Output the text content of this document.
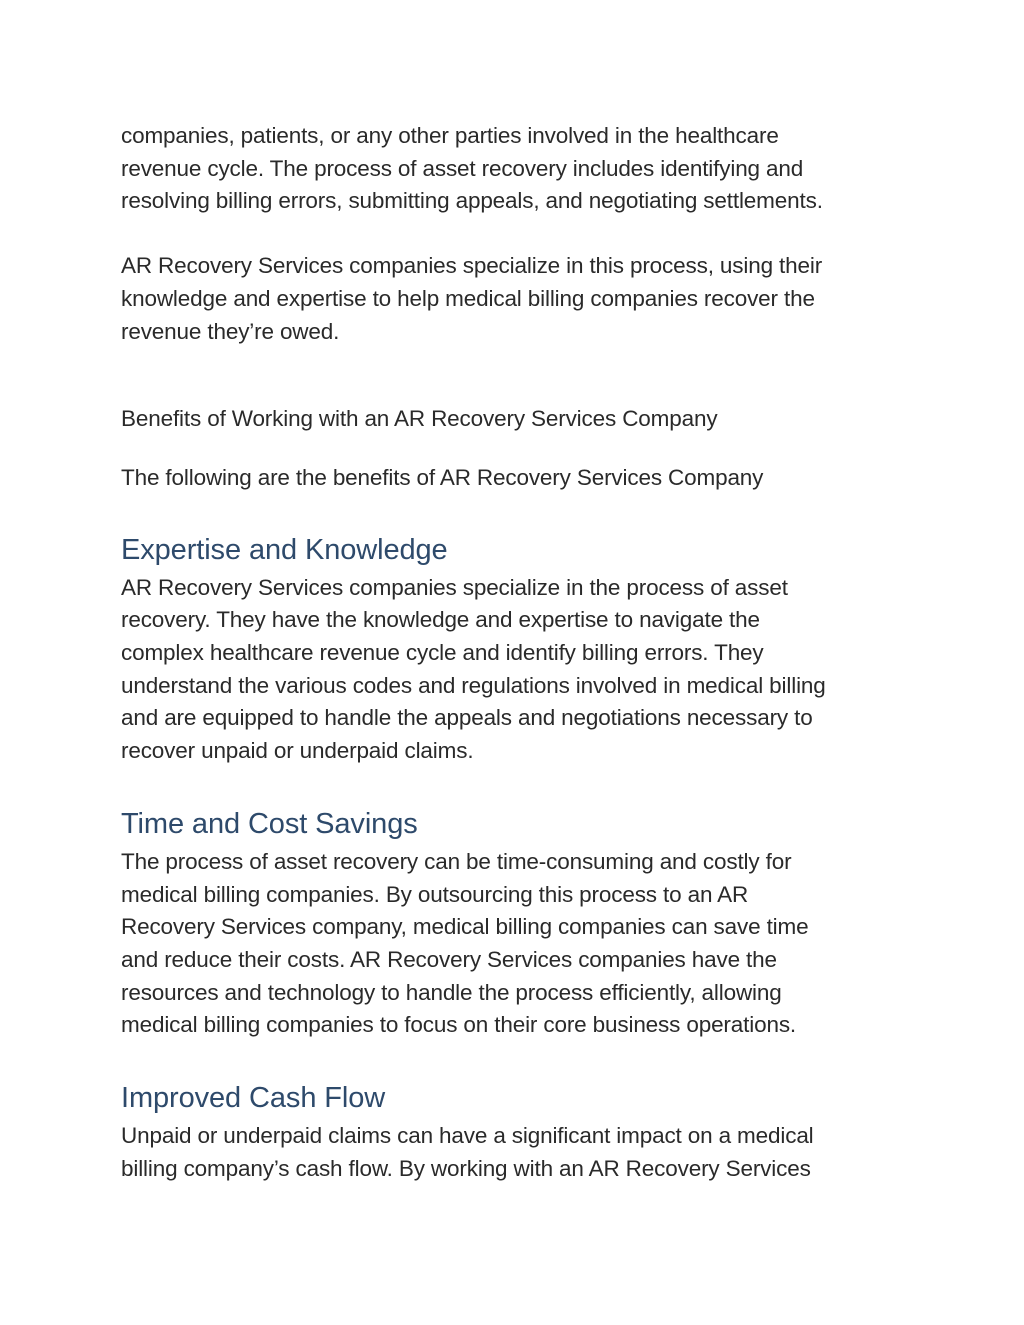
companies, patients, or any other parties involved in the healthcare
revenue cycle. The process of asset recovery includes identifying and
resolving billing errors, submitting appeals, and negotiating settlements.

AR Recovery Services companies specialize in this process, using their
knowledge and expertise to help medical billing companies recover the
revenue they’re owed.

Benefits of Working with an AR Recovery Services Company

The following are the benefits of AR Recovery Services Company

Expertise and Knowledge

AR Recovery Services companies specialize in the process of asset
recovery. They have the knowledge and expertise to navigate the
complex healthcare revenue cycle and identify billing errors. They
understand the various codes and regulations involved in medical billing
and are equipped to handle the appeals and negotiations necessary to
recover unpaid or underpaid claims.

Time and Cost Savings

The process of asset recovery can be time-consuming and costly for
medical billing companies. By outsourcing this process to an AR
Recovery Services company, medical billing companies can save time
and reduce their costs. AR Recovery Services companies have the
resources and technology to handle the process efficiently, allowing
medical billing companies to focus on their core business operations.

Improved Cash Flow

Unpaid or underpaid claims can have a significant impact on a medical
billing company’s cash flow. By working with an AR Recovery Services
